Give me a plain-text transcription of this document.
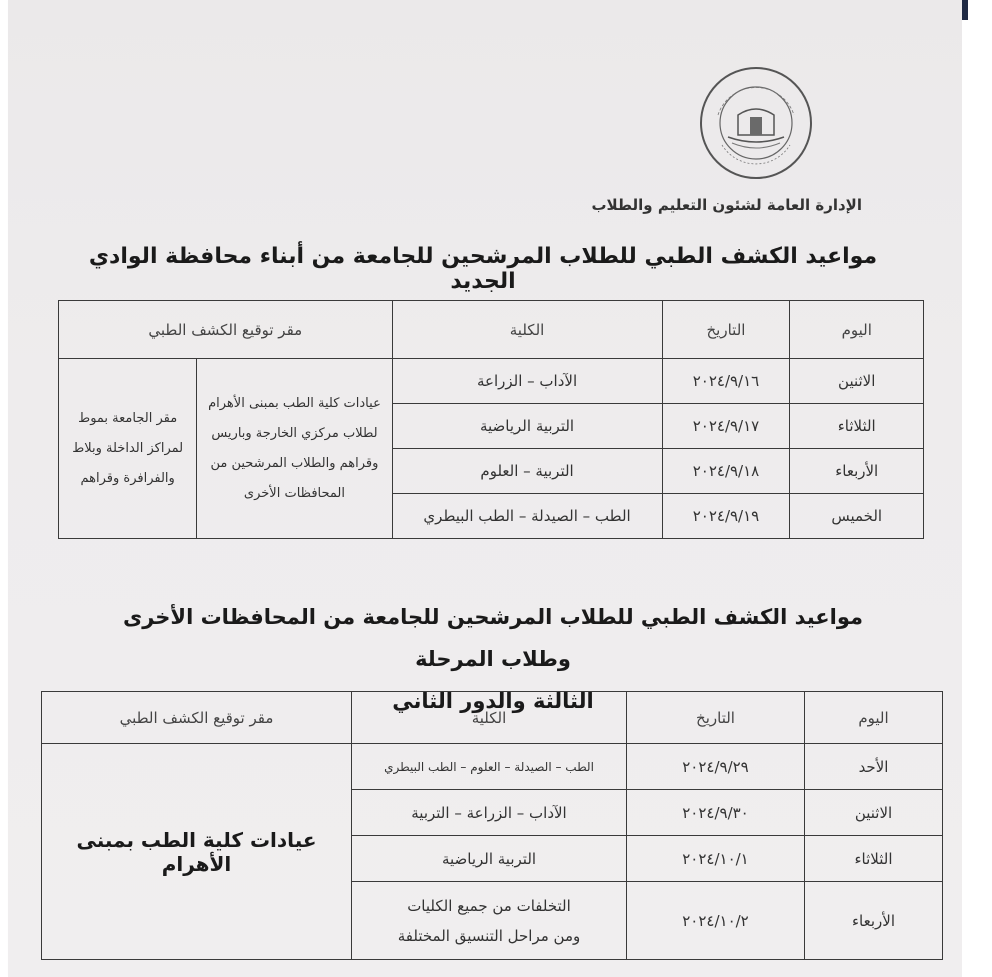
الإدارة العامة لشئون التعليم والطلاب
مواعيد الكشف الطبي للطلاب المرشحين للجامعة من أبناء محافظة الوادي الجديد
اليوم	التاريخ	الكلية	مقر توقيع الكشف الطبي	
الاثنين	٢٠٢٤/٩/١٦	الآداب – الزراعة	عيادات كلية الطب بمبنى الأهرام لطلاب مركزي الخارجة وباريس وقراهم والطلاب المرشحين من المحافظات الأخرى	مقر الجامعة بموط لمراكز الداخلة وبلاط والفرافرة وقراهم
الثلاثاء	٢٠٢٤/٩/١٧	التربية الرياضية		
الأربعاء	٢٠٢٤/٩/١٨	التربية – العلوم		
الخميس	٢٠٢٤/٩/١٩	الطب – الصيدلة – الطب البيطري		
مواعيد الكشف الطبي للطلاب المرشحين للجامعة من المحافظات الأخرى وطلاب المرحلة
الثالثة والدور الثاني
اليوم	التاريخ	الكلية	مقر توقيع الكشف الطبي
الأحد	٢٠٢٤/٩/٢٩	الطب – الصيدلة – العلوم – الطب البيطري	عيادات كلية الطب بمبنى الأهرام
الاثنين	٢٠٢٤/٩/٣٠	الآداب – الزراعة – التربية	
الثلاثاء	٢٠٢٤/١٠/١	التربية الرياضية	
الأربعاء	٢٠٢٤/١٠/٢	التخلفات من جميع الكليات
ومن مراحل التنسيق المختلفة	
